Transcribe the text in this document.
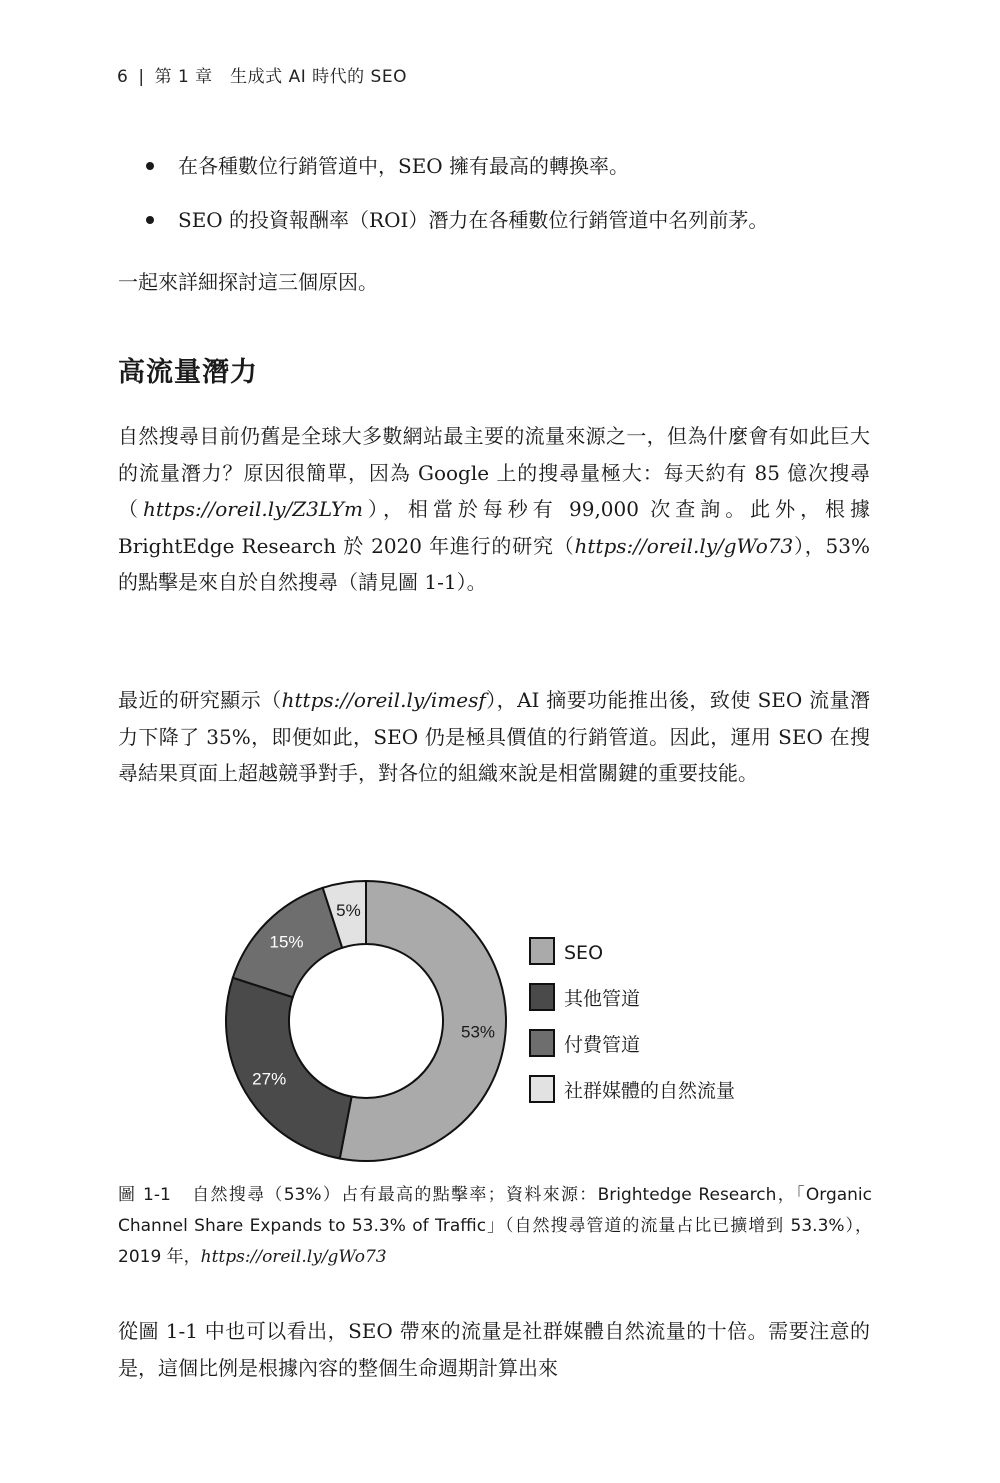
6 | 第 1 章　生成式 AI 時代的 SEO
在各種數位行銷管道中，SEO 擁有最高的轉換率。
SEO 的投資報酬率（ROI）潛力在各種數位行銷管道中名列前茅。

一起來詳細探討這三個原因。

高流量潛力

自然搜尋目前仍舊是全球大多數網站最主要的流量來源之一，但為什麼會有如此巨大的流量潛力？原因很簡單，因為 Google 上的搜尋量極大：每天約有 85 億次搜尋（https://oreil.ly/Z3LYm），相當於每秒有 99,000 次查詢。此外，根據 BrightEdge Research 於 2020 年進行的研究（https://oreil.ly/gWo73），53% 的點擊是來自於自然搜尋（請見圖 1-1）。

最近的研究顯示（https://oreil.ly/imesf），AI 摘要功能推出後，致使 SEO 流量潛力下降了 35%，即便如此，SEO 仍是極具價值的行銷管道。因此，運用 SEO 在搜尋結果頁面上超越競爭對手，對各位的組織來說是相當關鍵的重要技能。

53%
27%
15%
5%
SEO
其他管道
付費管道
社群媒體的自然流量

圖 1-1 自然搜尋（53%）占有最高的點擊率；資料來源：Brightedge Research，「Organic Channel Share Expands to 53.3% of Traffic」（自然搜尋管道的流量占比已擴增到 53.3%），2019 年，https://oreil.ly/gWo73

從圖 1-1 中也可以看出，SEO 帶來的流量是社群媒體自然流量的十倍。需要注意的是，這個比例是根據內容的整個生命週期計算出來
